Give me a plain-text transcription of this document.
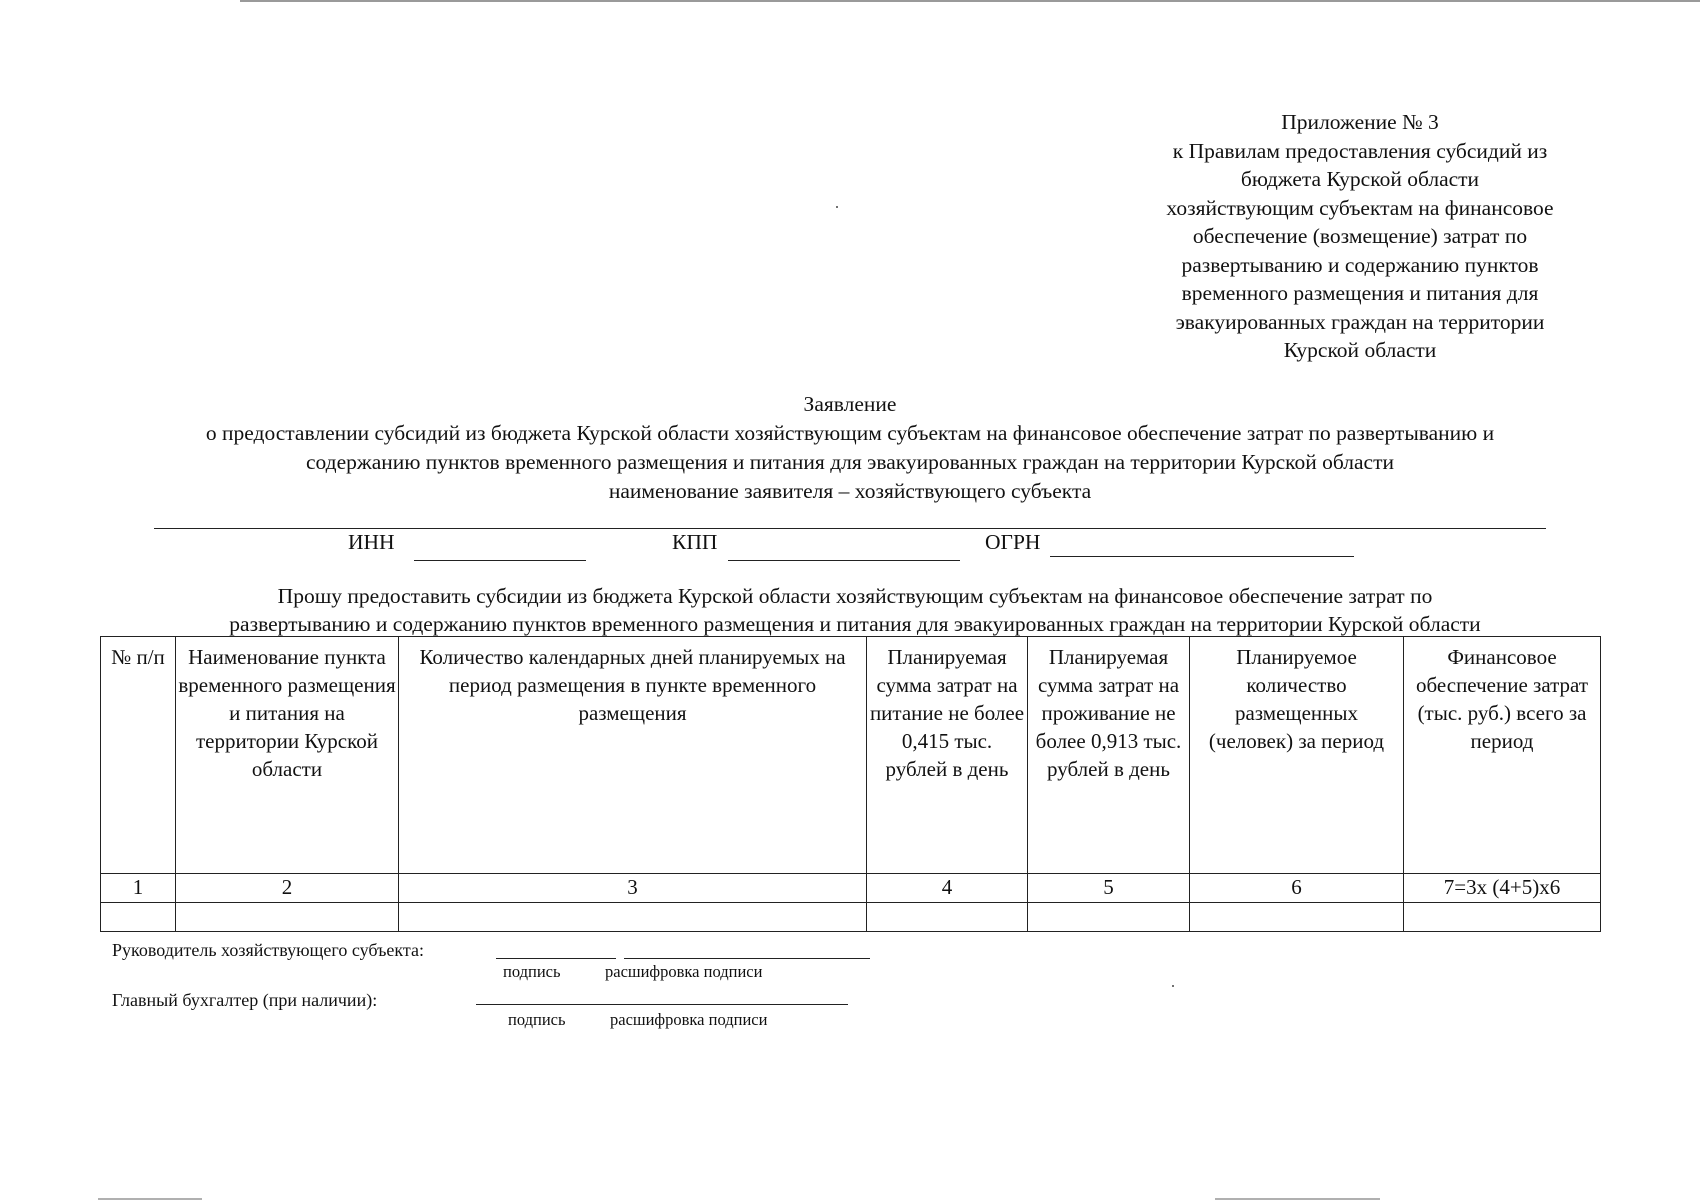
Приложение № 3
к Правилам предоставления субсидий из
бюджета Курской области
хозяйствующим субъектам на финансовое
обеспечение (возмещение) затрат по
развертыванию и содержанию пунктов
временного размещения и питания для
эвакуированных граждан на территории
Курской области
Заявление
о предоставлении субсидий из бюджета Курской области хозяйствующим субъектам на финансовое обеспечение затрат по развертыванию и
содержанию пунктов временного размещения и питания для эвакуированных граждан на территории Курской области
наименование заявителя – хозяйствующего субъекта
ИНН	КПП	ОГРН
Прошу предоставить субсидии из бюджета Курской области хозяйствующим субъектам на финансовое обеспечение затрат по
развертыванию и содержанию пунктов временного размещения и питания для эвакуированных граждан на территории Курской области
№ п/п	Наименование пункта временного размещения и питания на территории Курской области	Количество календарных дней планируемых на период размещения в пункте временного размещения	Планируемая сумма затрат на питание не более 0,415 тыс. рублей в день	Планируемая сумма затрат на проживание не более 0,913 тыс. рублей в день	Планируемое количество размещенных (человек) за период	Финансовое обеспечение затрат (тыс. руб.) всего за период
1	2	3	4	5	6	7=3х (4+5)х6

Руководитель хозяйствующего субъекта:
подпись	расшифровка подписи
Главный бухгалтер (при наличии):
подпись	расшифровка подписи
